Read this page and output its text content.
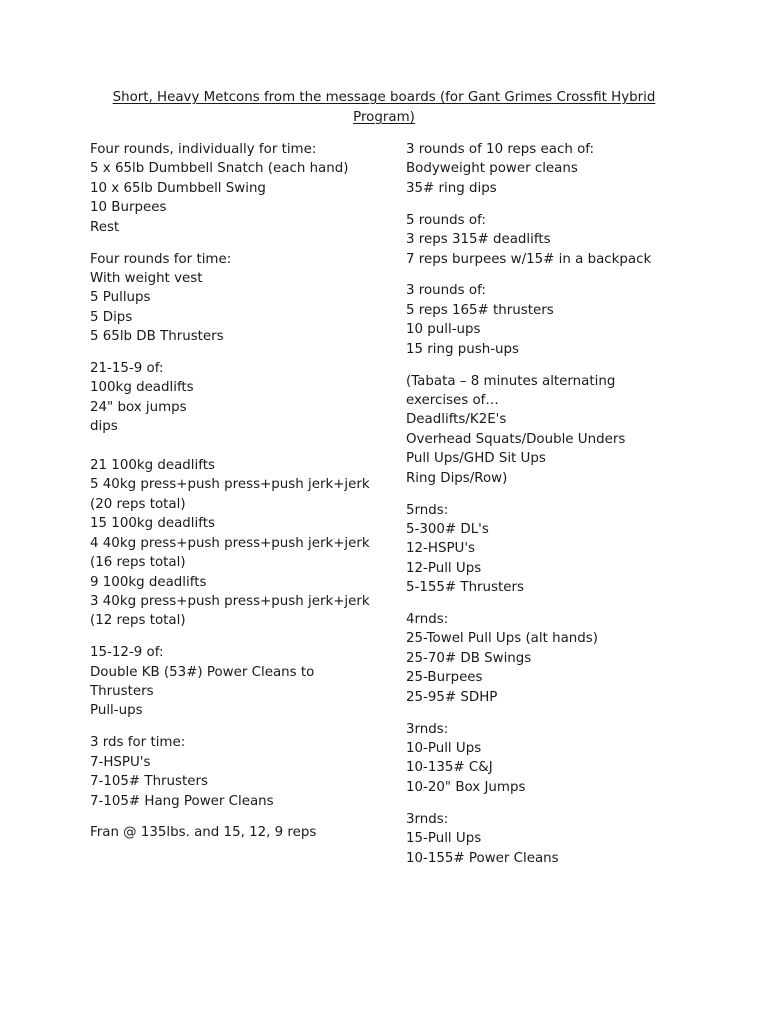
Short, Heavy Metcons from the message boards (for Gant Grimes Crossfit Hybrid Program)
Four rounds, individually for time:
5 x 65lb Dumbbell Snatch (each hand)
10 x 65lb Dumbbell Swing
10 Burpees
Rest
Four rounds for time:
With weight vest
5 Pullups
5 Dips
5 65lb DB Thrusters
21-15-9 of:
100kg deadlifts
24" box jumps
dips
21 100kg deadlifts
5 40kg press+push press+push jerk+jerk
(20 reps total)
15 100kg deadlifts
4 40kg press+push press+push jerk+jerk
(16 reps total)
9 100kg deadlifts
3 40kg press+push press+push jerk+jerk
(12 reps total)
15-12-9 of:
Double KB (53#) Power Cleans to
Thrusters
Pull-ups
3 rds for time:
7-HSPU's
7-105# Thrusters
7-105# Hang Power Cleans
Fran @ 135lbs. and 15, 12, 9 reps
3 rounds of 10 reps each of:
Bodyweight power cleans
35# ring dips
5 rounds of:
3 reps 315# deadlifts
7 reps burpees w/15# in a backpack
3 rounds of:
5 reps 165# thrusters
10 pull-ups
15 ring push-ups
(Tabata – 8 minutes alternating
exercises of…
Deadlifts/K2E's
Overhead Squats/Double Unders
Pull Ups/GHD Sit Ups
Ring Dips/Row)
5rnds:
5-300# DL's
12-HSPU's
12-Pull Ups
5-155# Thrusters
4rnds:
25-Towel Pull Ups (alt hands)
25-70# DB Swings
25-Burpees
25-95# SDHP
3rnds:
10-Pull Ups
10-135# C&J
10-20" Box Jumps
3rnds:
15-Pull Ups
10-155# Power Cleans
